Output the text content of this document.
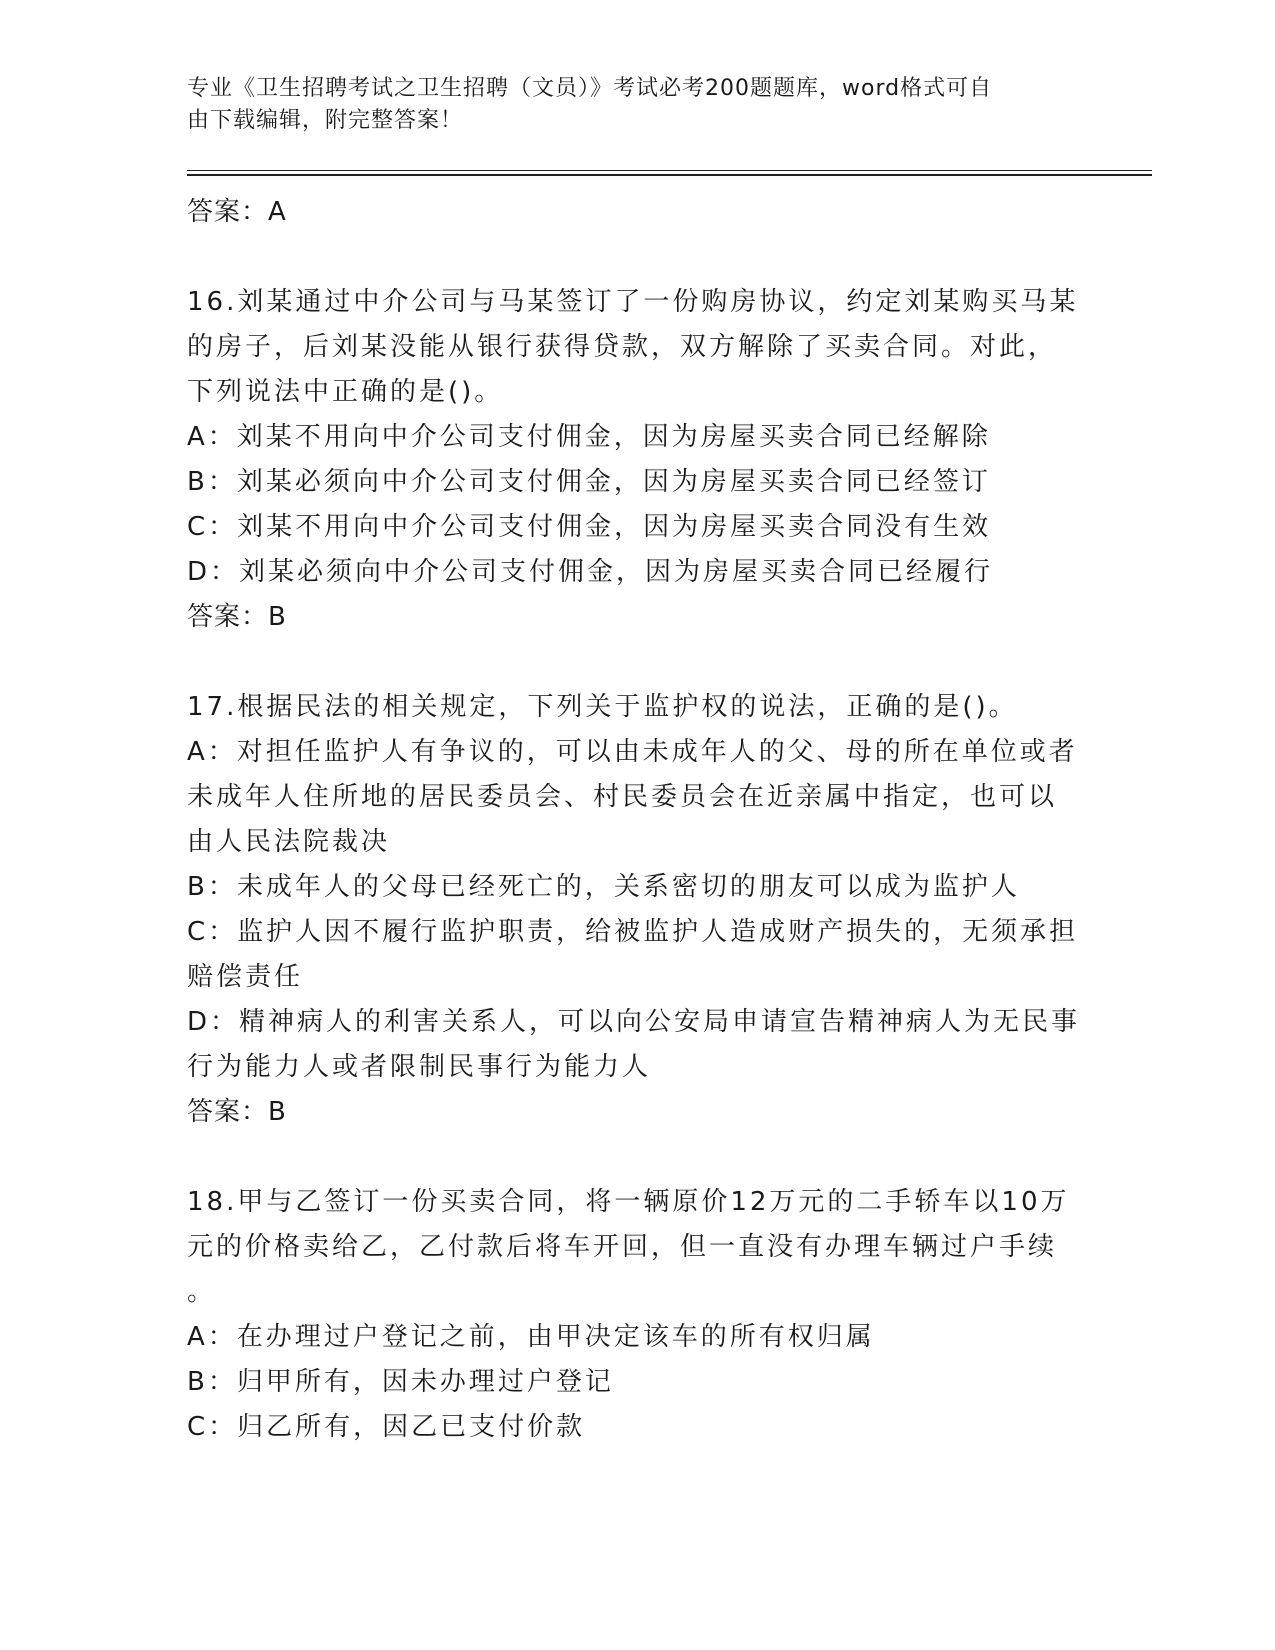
专业《卫生招聘考试之卫生招聘（文员）》考试必考200题题库，word格式可自
由下载编辑，附完整答案！
答案：A
16.刘某通过中介公司与马某签订了一份购房协议，约定刘某购买马某
的房子，后刘某没能从银行获得贷款，双方解除了买卖合同。对此，
下列说法中正确的是()。
A：刘某不用向中介公司支付佣金，因为房屋买卖合同已经解除
B：刘某必须向中介公司支付佣金，因为房屋买卖合同已经签订
C：刘某不用向中介公司支付佣金，因为房屋买卖合同没有生效
D：刘某必须向中介公司支付佣金，因为房屋买卖合同已经履行
答案：B
17.根据民法的相关规定，下列关于监护权的说法，正确的是()。
A：对担任监护人有争议的，可以由未成年人的父、母的所在单位或者
未成年人住所地的居民委员会、村民委员会在近亲属中指定，也可以
由人民法院裁决
B：未成年人的父母已经死亡的，关系密切的朋友可以成为监护人
C：监护人因不履行监护职责，给被监护人造成财产损失的，无须承担
赔偿责任
D：精神病人的利害关系人，可以向公安局申请宣告精神病人为无民事
行为能力人或者限制民事行为能力人
答案：B
18.甲与乙签订一份买卖合同，将一辆原价12万元的二手轿车以10万
元的价格卖给乙，乙付款后将车开回，但一直没有办理车辆过户手续
。
A：在办理过户登记之前，由甲决定该车的所有权归属
B：归甲所有，因未办理过户登记
C：归乙所有，因乙已支付价款
